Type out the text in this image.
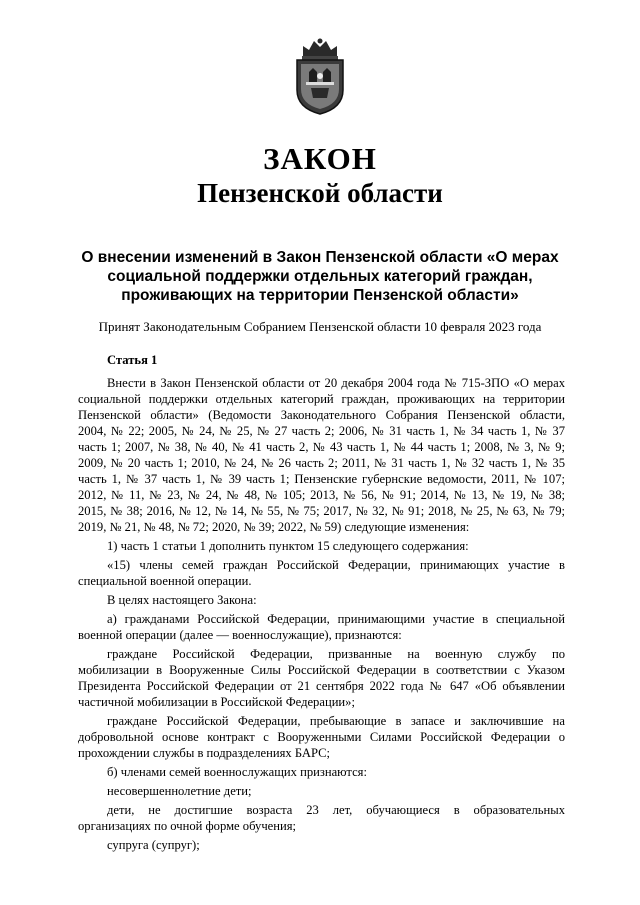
ЗАКОН
Пензенской области
О внесении изменений в Закон Пензенской области «О мерах
социальной поддержки отдельных категорий граждан,
проживающих на территории Пензенской области»
Принят Законодательным Собранием Пензенской области 10 февраля 2023 года
Статья 1
Внести в Закон Пензенской области от 20 декабря 2004 года № 715-ЗПО «О мерах
социальной поддержки отдельных категорий граждан, проживающих на территории
Пензенской области» (Ведомости Законодательного Собрания Пензенской области,
2004, № 22; 2005, № 24, № 25, № 27 часть 2; 2006, № 31 часть 1, № 34 часть 1, № 37
часть 1; 2007, № 38, № 40, № 41 часть 2, № 43 часть 1, № 44 часть 1; 2008, № 3, № 9;
2009, № 20 часть 1; 2010, № 24, № 26 часть 2; 2011, № 31 часть 1, № 32 часть 1, № 35
часть 1, № 37 часть 1, № 39 часть 1; Пензенские губернские ведомости, 2011, № 107;
2012, № 11, № 23, № 24, № 48, № 105; 2013, № 56, № 91; 2014, № 13, № 19, № 38;
2015, № 38; 2016, № 12, № 14, № 55, № 75; 2017, № 32, № 91; 2018, № 25, № 63, № 79;
2019, № 21, № 48, № 72; 2020, № 39; 2022, № 59) следующие изменения:
1) часть 1 статьи 1 дополнить пунктом 15 следующего содержания:
«15) члены семей граждан Российской Федерации, принимающих участие в
специальной военной операции.
В целях настоящего Закона:
а) гражданами Российской Федерации, принимающими участие в специальной
военной операции (далее — военнослужащие), признаются:
граждане Российской Федерации, призванные на военную службу по
мобилизации в Вооруженные Силы Российской Федерации в соответствии с Указом
Президента Российской Федерации от 21 сентября 2022 года № 647 «Об объявлении
частичной мобилизации в Российской Федерации»;
граждане Российской Федерации, пребывающие в запасе и заключившие на
добровольной основе контракт с Вооруженными Силами Российской Федерации о
прохождении службы в подразделениях БАРС;
б) членами семей военнослужащих признаются:
несовершеннолетние дети;
дети, не достигшие возраста 23 лет, обучающиеся в образовательных
организациях по очной форме обучения;
супруга (супруг);
